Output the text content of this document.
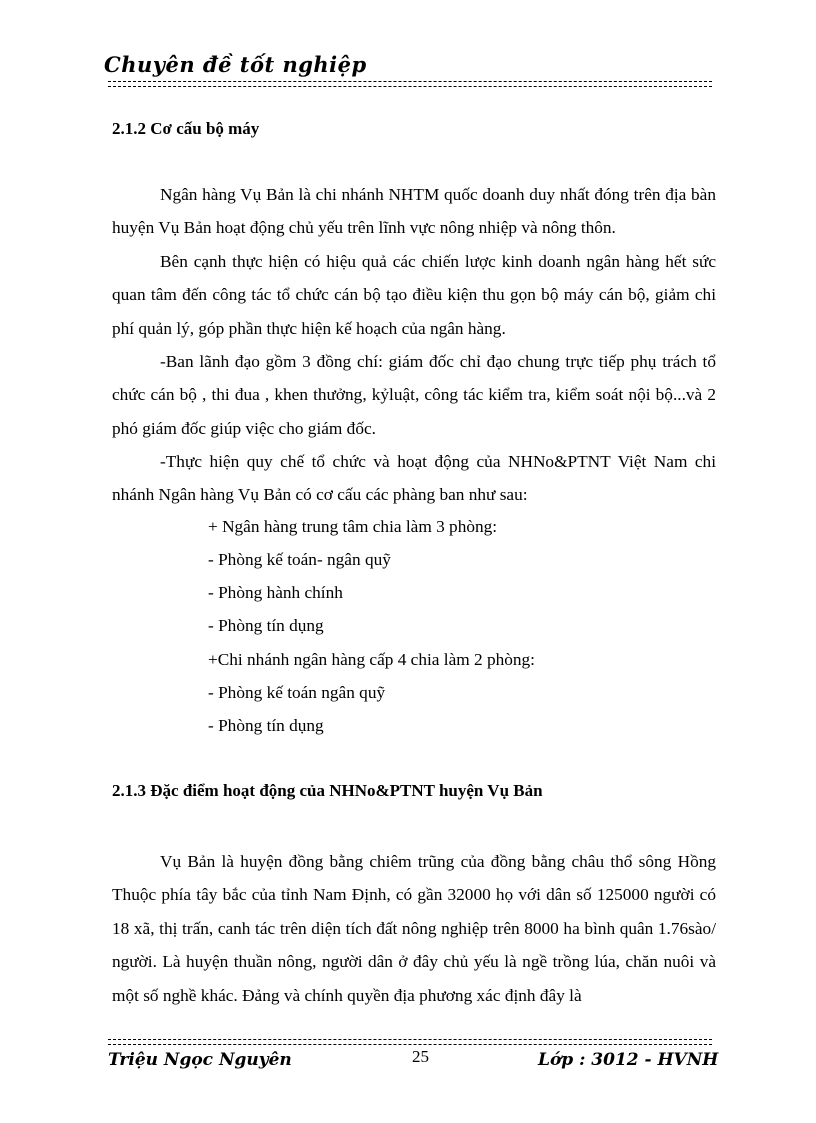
Chuyên đề tốt nghiệp
2.1.2 Cơ cấu bộ máy

Ngân hàng Vụ Bản là chi nhánh NHTM quốc doanh duy nhất đóng trên địa bàn huyện Vụ Bản hoạt động chủ yếu trên lĩnh vực nông nhiệp và nông thôn.

Bên cạnh thực hiện có hiệu quả các chiến lược kinh doanh ngân hàng hết sức quan tâm đến công tác tổ chức cán bộ tạo điều kiện thu gọn bộ máy cán bộ, giảm chi phí quản lý, góp phần thực hiện kế hoạch của ngân hàng.

-Ban lãnh đạo gồm 3 đồng chí: giám đốc chỉ đạo chung trực tiếp phụ trách tổ chức cán bộ , thi đua , khen thưởng, kỷluật, công tác kiểm tra, kiểm soát nội bộ...và 2 phó giám đốc giúp việc cho giám đốc.

-Thực hiện quy chế tổ chức và hoạt động của NHNo&PTNT Việt Nam chi nhánh Ngân hàng Vụ Bản có cơ cấu các phàng ban như sau:

+ Ngân hàng trung tâm chia làm 3 phòng:
- Phòng kế toán- ngân quỹ
- Phòng hành chính
- Phòng tín dụng
+Chi nhánh ngân hàng cấp 4 chia làm 2 phòng:
- Phòng kế toán ngân quỹ
- Phòng tín dụng
2.1.3 Đặc điểm hoạt động của NHNo&PTNT huyện Vụ Bản

Vụ Bản là huyện đồng bằng chiêm trũng của đồng bằng châu thổ sông Hồng Thuộc phía tây bắc của tỉnh Nam Định, có gần 32000 họ với dân số 125000 người có 18 xã, thị trấn, canh tác trên diện tích đất nông nghiệp trên 8000 ha bình quân 1.76sào/ người. Là huyện thuần nông, người dân ở đây chủ yếu là ngề trồng lúa, chăn nuôi và một số nghề khác. Đảng và chính quyền địa phương xác định đây là

Triệu Ngọc Nguyên	25	Lớp : 3012 - HVNH
